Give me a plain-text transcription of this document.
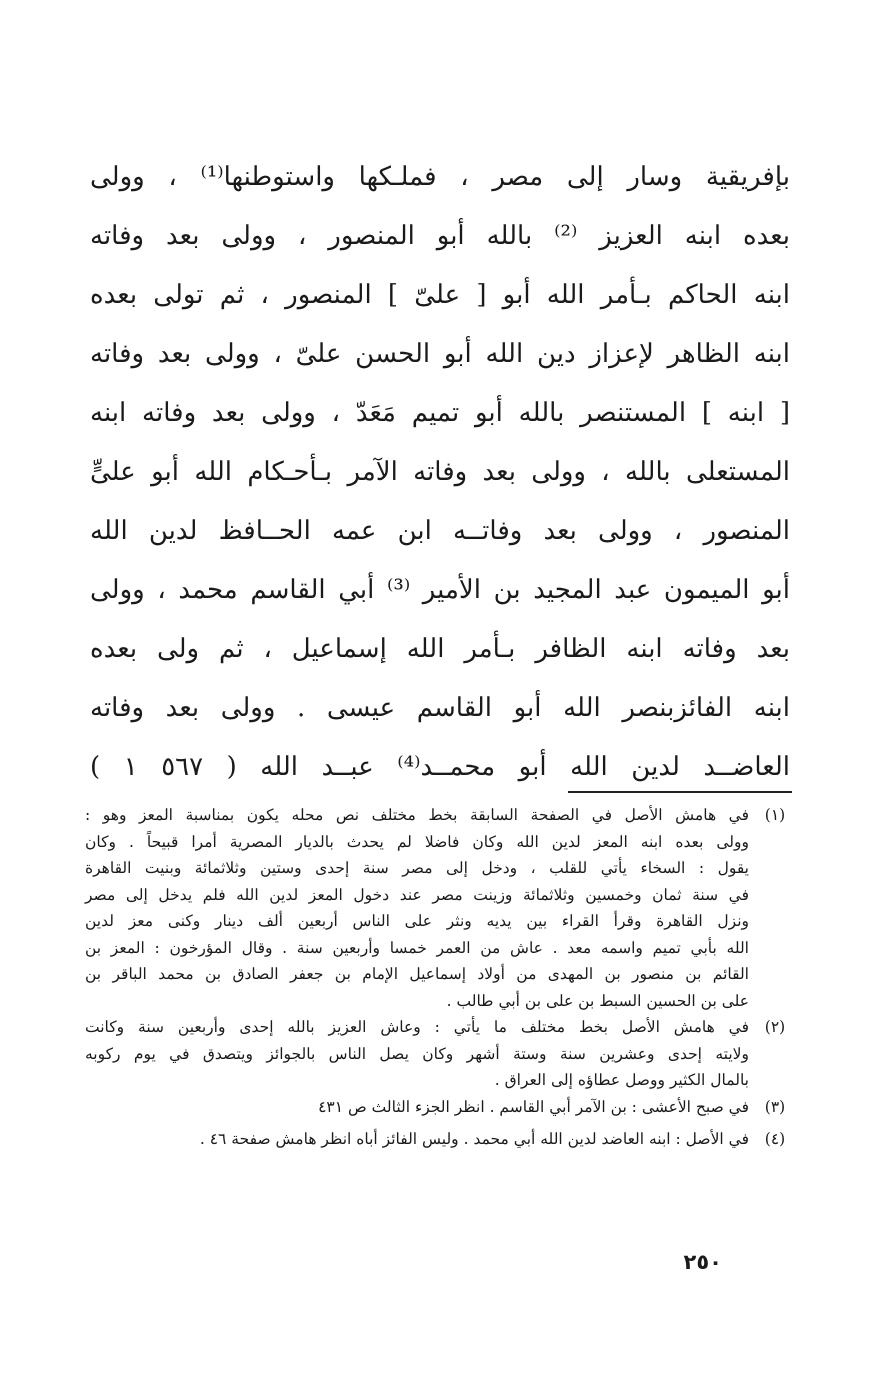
بإفريقية وسار إلى مصر ، فملـكها واستوطنها⁽¹⁾ ، وولى
بعده ابنه العزيز ⁽²⁾ بالله أبو المنصور ، وولى بعد وفاته
ابنه الحاكم بـأمر الله أبو [ علىّ ] المنصور ، ثم تولى بعده
ابنه الظاهر لإعزاز دين الله أبو الحسن علىّ ، وولى بعد وفاته
[ ابنه ] المستنصر بالله أبو تميم مَعَدّ ، وولى بعد وفاته ابنه
المستعلى بالله ، وولى بعد وفاته الآمر بـأحـكام الله أبو علىٍّ
المنصور ، وولى بعد وفاتــه ابن عمه الحــافظ لدين الله
أبو الميمون عبد المجيد بن الأمير ⁽³⁾ أبي القاسم محمد ، وولى
بعد وفاته ابنه الظافر بـأمر الله إسماعيل ، ثم ولى بعده
ابنه الفائزبنصر الله أبو القاسم عيسى . وولى بعد وفاته
العاضــد لدين الله أبو محمــد⁽⁴⁾ عبــد الله ( ٥٦٧ ١ )
(١)
في هامش الأصل في الصفحة السابقة بخط مختلف نص محله يكون بمناسبة المعز وهو :
وولى بعده ابنه المعز لدين الله وكان فاضلا لم يحدث بالديار المصرية أمرا قبيحاً . وكان
يقول : السخاء يأتي للقلب ، ودخل إلى مصر سنة إحدى وستين وثلاثمائة وبنيت القاهرة
في سنة ثمان وخمسين وثلاثمائة وزينت مصر عند دخول المعز لدين الله فلم يدخل إلى مصر
ونزل القاهرة وقرأ القراء بين يديه ونثر على الناس أربعين ألف دينار وكنى معز لدين
الله بأبي تميم واسمه معد . عاش من العمر خمسا وأربعين سنة . وقال المؤرخون : المعز بن
القائم بن منصور بن المهدى من أولاد إسماعيل الإمام بن جعفر الصادق بن محمد الباقر بن
على بن الحسين السبط بن على بن أبي طالب .
(٢)
في هامش الأصل بخط مختلف ما يأتي : وعاش العزيز بالله إحدى وأربعين سنة وكانت
ولايته إحدى وعشرين سنة وستة أشهر وكان يصل الناس بالجوائز ويتصدق في يوم ركوبه
بالمال الكثير ووصل عطاؤه إلى العراق .
(٣)
في صبح الأعشى : بن الآمر أبي القاسم . انظر الجزء الثالث ص ٤٣١
(٤)
في الأصل : ابنه العاضد لدين الله أبي محمد . وليس الفائز أباه انظر هامش صفحة ٤٦ .
٢٥٠
